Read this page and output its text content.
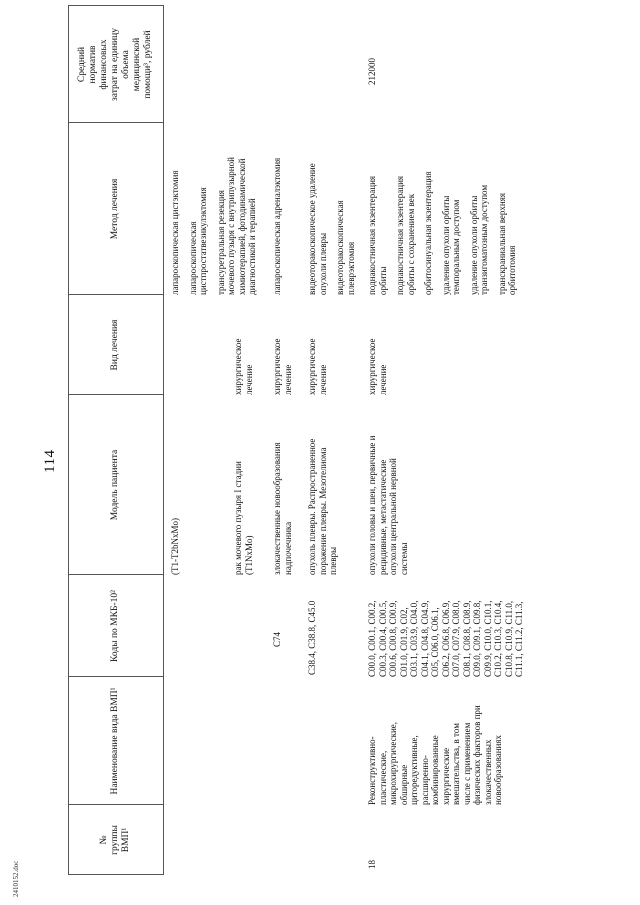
114
2410152.doc
№ группы ВМП¹
Наименование вида ВМП¹
Коды по МКБ-10²
Модель пациента
Вид лечения
Метод лечения
Средний норматив финансовых затрат на единицу объема медицинской помощи³, рублей
(T1-T2bNxMo)
лапароскопическая цистэктомия лапароскопическая цистпростатвезикулэктомия трансуретральная резекция мочевого пузыря с внутрипузырной химиотерапией, фотодинамической диагностикой и терапией
рак мочевого пузыря I стадии (T1NxMo)
хирургическое лечение
C74
злокачественные новообразования надпочечника
хирургическое лечение
лапароскопическая адреналэктомия
C38.4, C38.8, C45.0
опухоль плевры. Распространенное поражение плевры. Мезотелиома плевры
хирургическое лечение
видеоторакоскопическое удаление опухоли плевры видеоторакоскопическая плеврэктомия
18
Реконструктивно- пластические, микрохирургические, обширные циторедуктивные, расширенно- комбинированные хирургические вмешательства, в том числе с применением физических факторов при злокачественных новообразованиях
C00.0, C00.1, C00.2, C00.3, C00.4, C00.5, C00.6, C00.8, C00.9, C01.0, C01.9, C02, C03.1, C03.9, C04.0, C04.1, C04.8, C04.9, C05, C06.0, C06.1, C06.2, C06.8, C06.9, C07.0, C07.9, C08.0, C08.1, C08.8, C08.9, C09.0, C09.1, C09.8, C09.9, C10.0, C10.1, C10.2, C10.3, C10.4, C10.8, C10.9, C11.0, C11.1, C11.2, C11.3,
опухоли головы и шеи, первичные и рецидивные, метастатические опухоли центральной нервной системы
хирургическое лечение
поднакостничная экзентерация орбиты поднакостничная экзентерация орбиты с сохранением век орбитосинуальная экзентерация удаление опухоли орбиты темпоральным доступом удаление опухоли орбиты транзигоматозным доступом транскраниальная верхняя орбитотомия
212000
